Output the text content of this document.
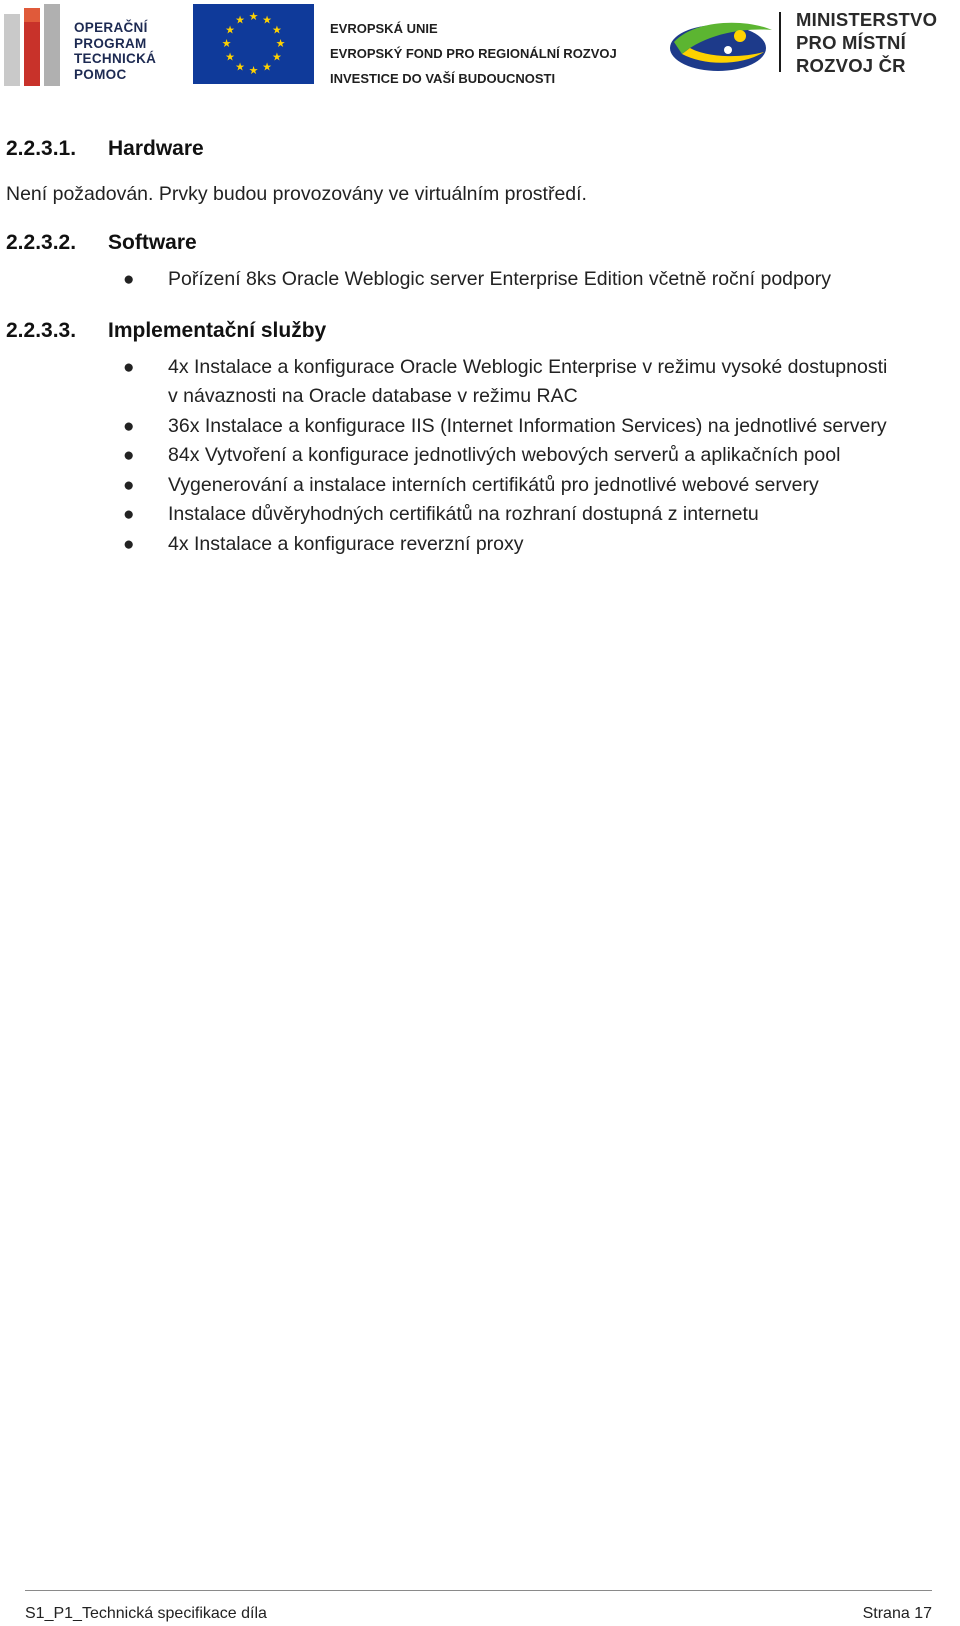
OPERAČNÍ
PROGRAM
TECHNICKÁ
POMOC
★ ★
★
★
★
★
★
★
★
★
★
★
EVROPSKÁ UNIE
EVROPSKÝ FOND PRO REGIONÁLNÍ ROZVOJ
INVESTICE DO VAŠÍ BUDOUCNOSTI
MINISTERSTVO
PRO MÍSTNÍ
ROZVOJ ČR
2.2.3.1.	Hardware
Není požadován. Prvky budou provozovány ve virtuálním prostředí.
2.2.3.2.	Software
● Pořízení 8ks Oracle Weblogic server Enterprise Edition včetně roční podpory
2.2.3.3.	Implementační služby
● 4x Instalace a konfigurace Oracle Weblogic Enterprise v režimu vysoké dostupnosti
v návaznosti na Oracle database v režimu RAC
● 36x Instalace a konfigurace IIS (Internet Information Services) na jednotlivé servery
● 84x Vytvoření a konfigurace jednotlivých webových serverů a aplikačních pool
● Vygenerování a instalace interních certifikátů pro jednotlivé webové servery
● Instalace důvěryhodných certifikátů na rozhraní dostupná z internetu
● 4x Instalace a konfigurace reverzní proxy
S1_P1_Technická specifikace díla	Strana 17
